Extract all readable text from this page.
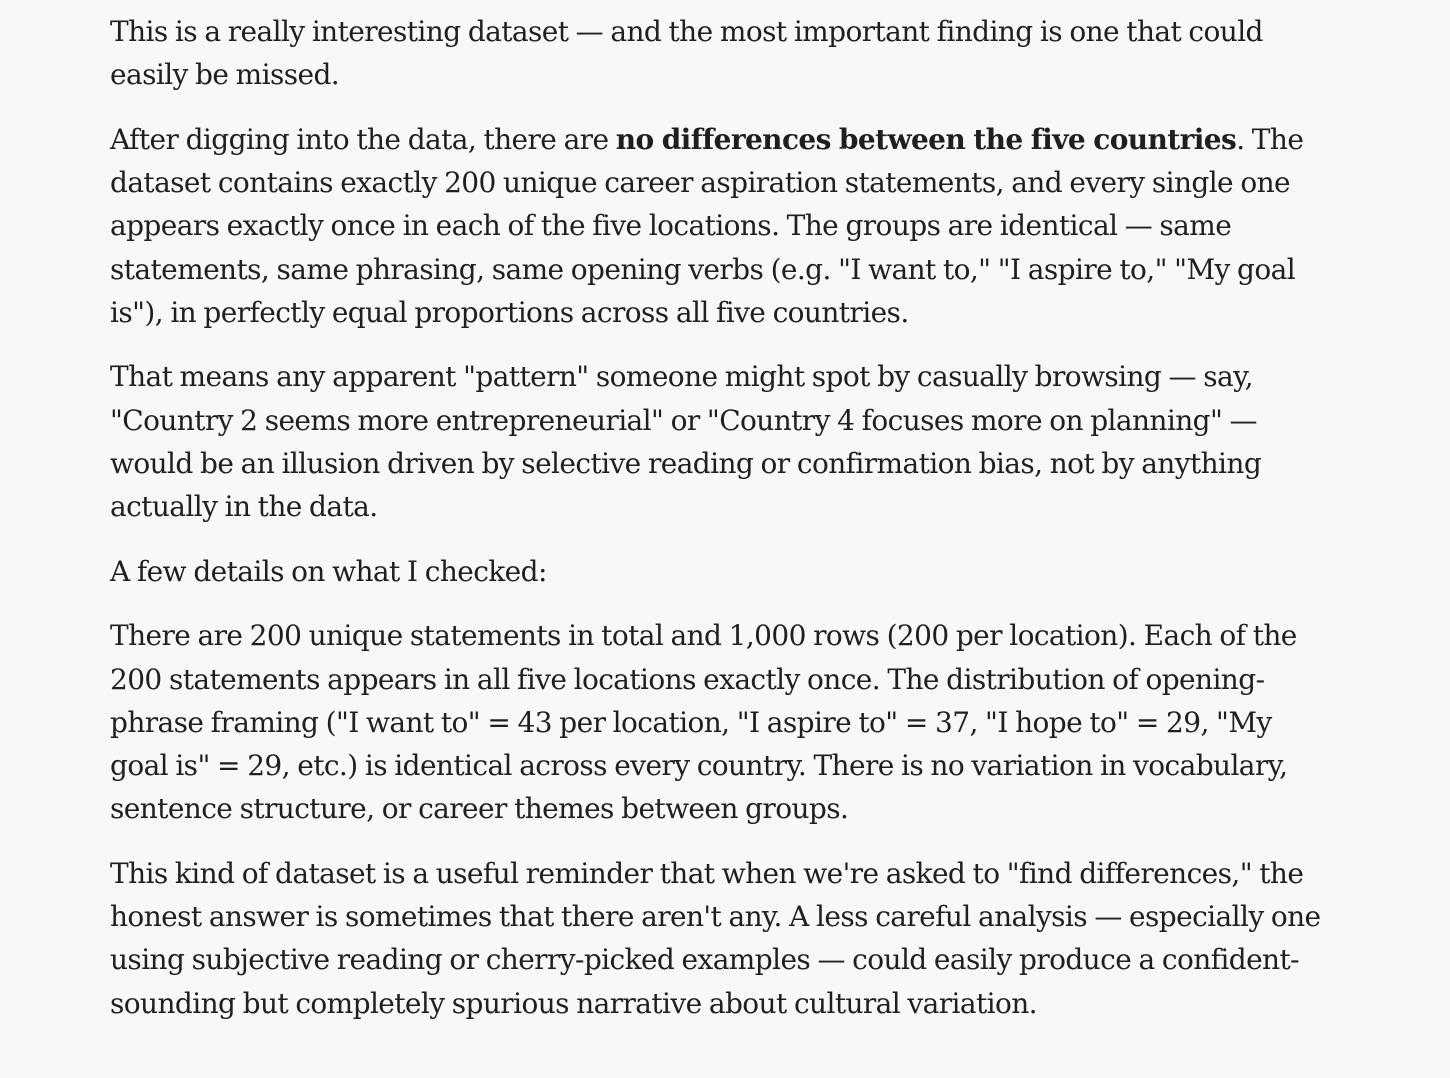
This is a really interesting dataset — and the most important finding is one that could easily be missed.

After digging into the data, there are no differences between the five countries. The dataset contains exactly 200 unique career aspiration statements, and every single one appears exactly once in each of the five locations. The groups are identical — same statements, same phrasing, same opening verbs (e.g. "I want to," "I aspire to," "My goal is"), in perfectly equal proportions across all five countries.

That means any apparent "pattern" someone might spot by casually browsing — say, "Country 2 seems more entrepreneurial" or "Country 4 focuses more on planning" — would be an illusion driven by selective reading or confirmation bias, not by anything actually in the data.

A few details on what I checked:

There are 200 unique statements in total and 1,000 rows (200 per location). Each of the 200 statements appears in all five locations exactly once. The distribution of opening-phrase framing ("I want to" = 43 per location, "I aspire to" = 37, "I hope to" = 29, "My goal is" = 29, etc.) is identical across every country. There is no variation in vocabulary, sentence structure, or career themes between groups.

This kind of dataset is a useful reminder that when we're asked to "find differences," the honest answer is sometimes that there aren't any. A less careful analysis — especially one using subjective reading or cherry-picked examples — could easily produce a confident-sounding but completely spurious narrative about cultural variation.
